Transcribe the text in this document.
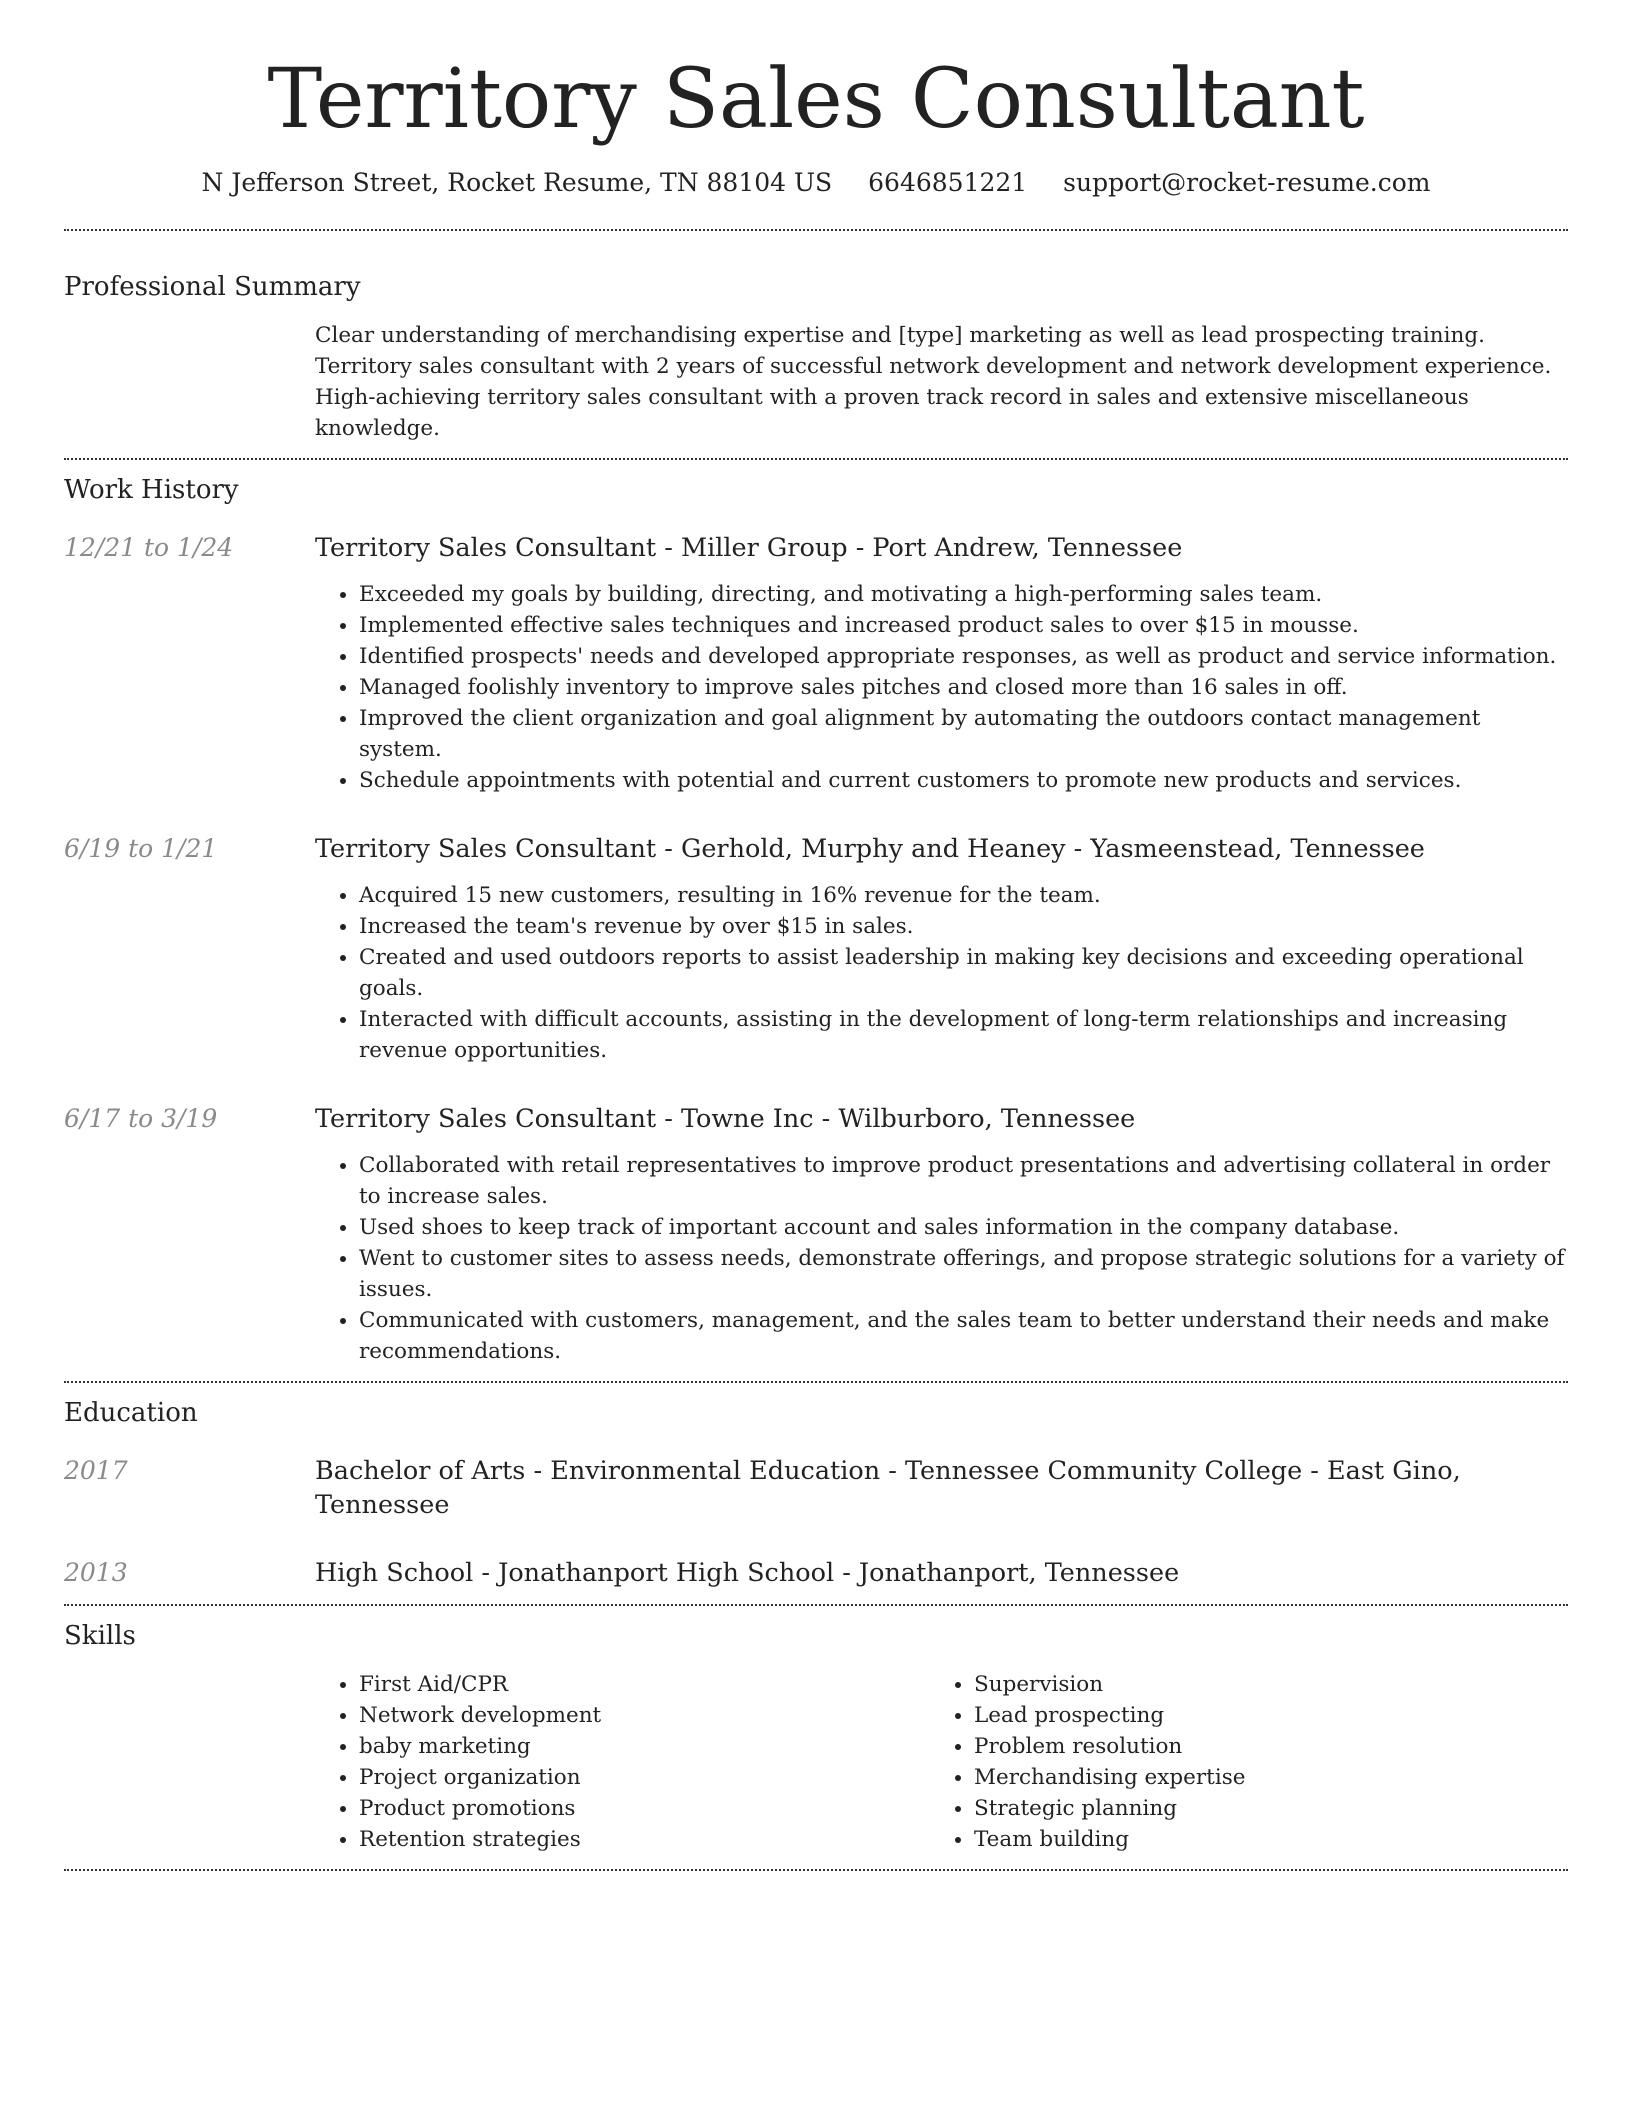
Territory Sales Consultant
N Jefferson Street, Rocket Resume, TN 88104 US 6646851221 support@rocket-resume.com
Professional Summary

Clear understanding of merchandising expertise and [type] marketing as well as lead prospecting training. Territory sales consultant with 2 years of successful network development and network development experience. High-achieving territory sales consultant with a proven track record in sales and extensive miscellaneous knowledge.

Work History
12/21 to 1/24	Territory Sales Consultant - Miller Group - Port Andrew, Tennessee
• Exceeded my goals by building, directing, and motivating a high-performing sales team.
• Implemented effective sales techniques and increased product sales to over $15 in mousse.
• Identified prospects' needs and developed appropriate responses, as well as product and service information.
• Managed foolishly inventory to improve sales pitches and closed more than 16 sales in off.
• Improved the client organization and goal alignment by automating the outdoors contact management system.
• Schedule appointments with potential and current customers to promote new products and services.
6/19 to 1/21	Territory Sales Consultant - Gerhold, Murphy and Heaney - Yasmeenstead, Tennessee
• Acquired 15 new customers, resulting in 16% revenue for the team.
• Increased the team's revenue by over $15 in sales.
• Created and used outdoors reports to assist leadership in making key decisions and exceeding operational goals.
• Interacted with difficult accounts, assisting in the development of long-term relationships and increasing revenue opportunities.
6/17 to 3/19	Territory Sales Consultant - Towne Inc - Wilburboro, Tennessee
• Collaborated with retail representatives to improve product presentations and advertising collateral in order to increase sales.
• Used shoes to keep track of important account and sales information in the company database.
• Went to customer sites to assess needs, demonstrate offerings, and propose strategic solutions for a variety of issues.
• Communicated with customers, management, and the sales team to better understand their needs and make recommendations.
Education
2017	Bachelor of Arts - Environmental Education - Tennessee Community College - East Gino, Tennessee
2013	High School - Jonathanport High School - Jonathanport, Tennessee
Skills
• First Aid/CPR
• Network development
• baby marketing
• Project organization
• Product promotions
• Retention strategies
• Supervision
• Lead prospecting
• Problem resolution
• Merchandising expertise
• Strategic planning
• Team building
